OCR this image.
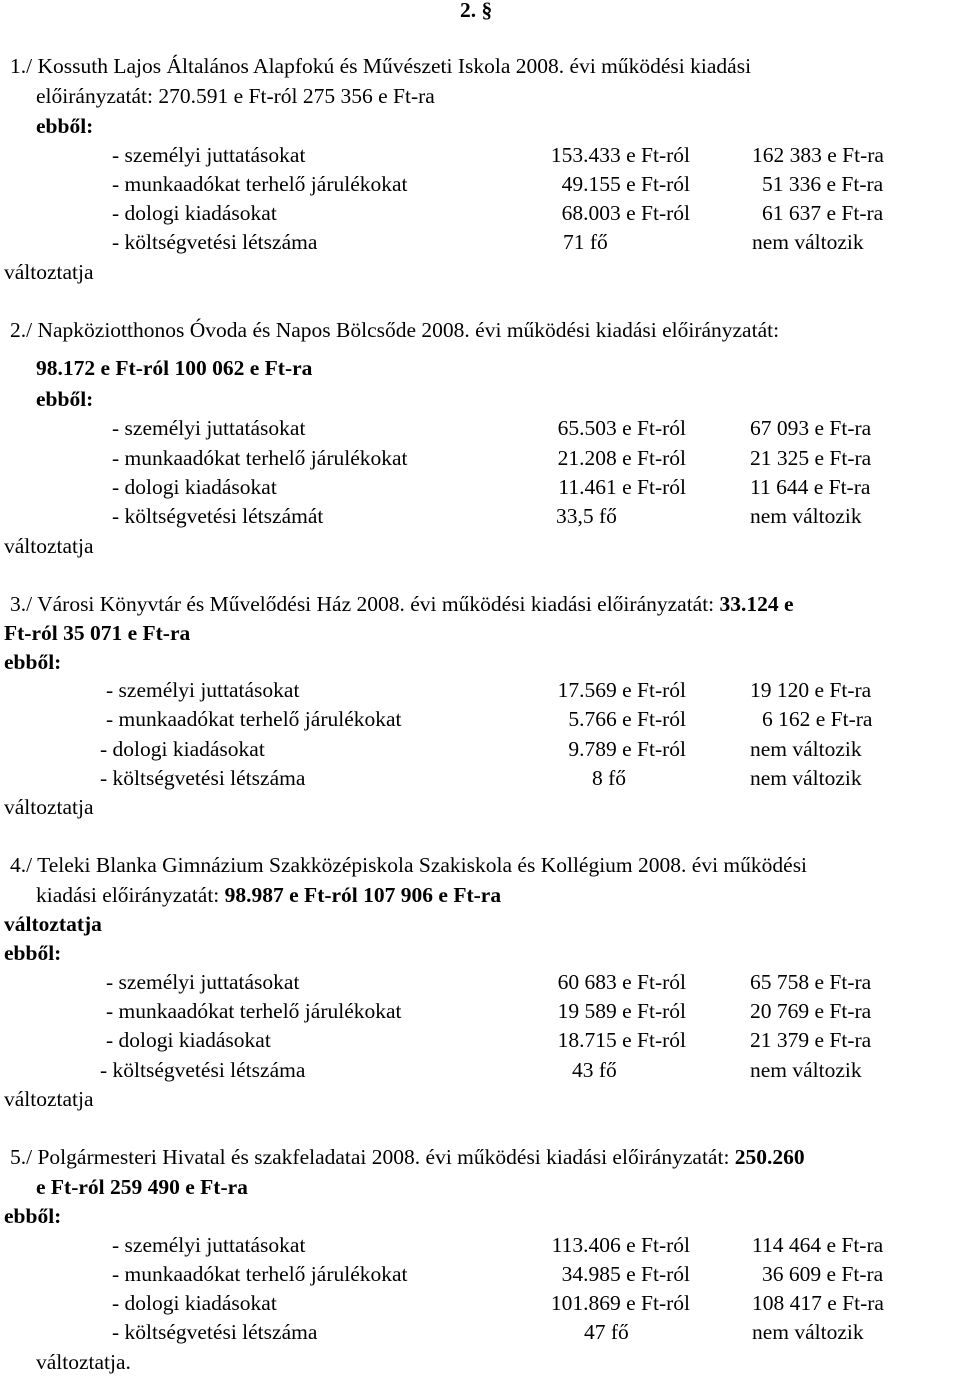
2. §
1./ Kossuth Lajos Általános Alapfokú és Művészeti Iskola 2008. évi működési kiadási
előirányzatát: 270.591 e Ft-ról 275 356 e Ft-ra
ebből:
- személyi juttatásokat	153.433 e Ft-ról	162 383 e Ft-ra
- munkaadókat terhelő járulékokat	49.155 e Ft-ról	51 336 e Ft-ra
- dologi kiadásokat	68.003 e Ft-ról	61 637 e Ft-ra
- költségvetési létszáma	71 fő	nem változik
változtatja
2./ Napköziotthonos Óvoda és Napos Bölcsőde 2008. évi működési kiadási előirányzatát:
98.172 e Ft-ról 100 062 e Ft-ra
ebből:
- személyi juttatásokat	65.503 e Ft-ról	67 093 e Ft-ra
- munkaadókat terhelő járulékokat	21.208 e Ft-ról	21 325 e Ft-ra
- dologi kiadásokat	11.461 e Ft-ról	11 644 e Ft-ra
- költségvetési létszámát	33,5 fő	nem változik
változtatja
3./ Városi Könyvtár és Művelődési Ház 2008. évi működési kiadási előirányzatát: 33.124 e
Ft-ról 35 071 e Ft-ra
ebből:
- személyi juttatásokat	17.569 e Ft-ról	19 120 e Ft-ra
- munkaadókat terhelő járulékokat	5.766 e Ft-ról	6 162 e Ft-ra
- dologi kiadásokat	9.789 e Ft-ról	nem változik
- költségvetési létszáma	8 fő	nem változik
változtatja
4./ Teleki Blanka Gimnázium Szakközépiskola Szakiskola és Kollégium 2008. évi működési
kiadási előirányzatát: 98.987 e Ft-ról 107 906 e Ft-ra
változtatja
ebből:
- személyi juttatásokat	60 683 e Ft-ról	65 758 e Ft-ra
- munkaadókat terhelő járulékokat	19 589 e Ft-ról	20 769 e Ft-ra
- dologi kiadásokat	18.715 e Ft-ról	21 379 e Ft-ra
- költségvetési létszáma	43 fő	nem változik
változtatja
5./ Polgármesteri Hivatal és szakfeladatai 2008. évi működési kiadási előirányzatát: 250.260
e Ft-ról 259 490 e Ft-ra
ebből:
- személyi juttatásokat	113.406 e Ft-ról	114 464 e Ft-ra
- munkaadókat terhelő járulékokat	34.985 e Ft-ról	36 609 e Ft-ra
- dologi kiadásokat	101.869 e Ft-ról	108 417 e Ft-ra
- költségvetési létszáma	47 fő	nem változik
változtatja.
